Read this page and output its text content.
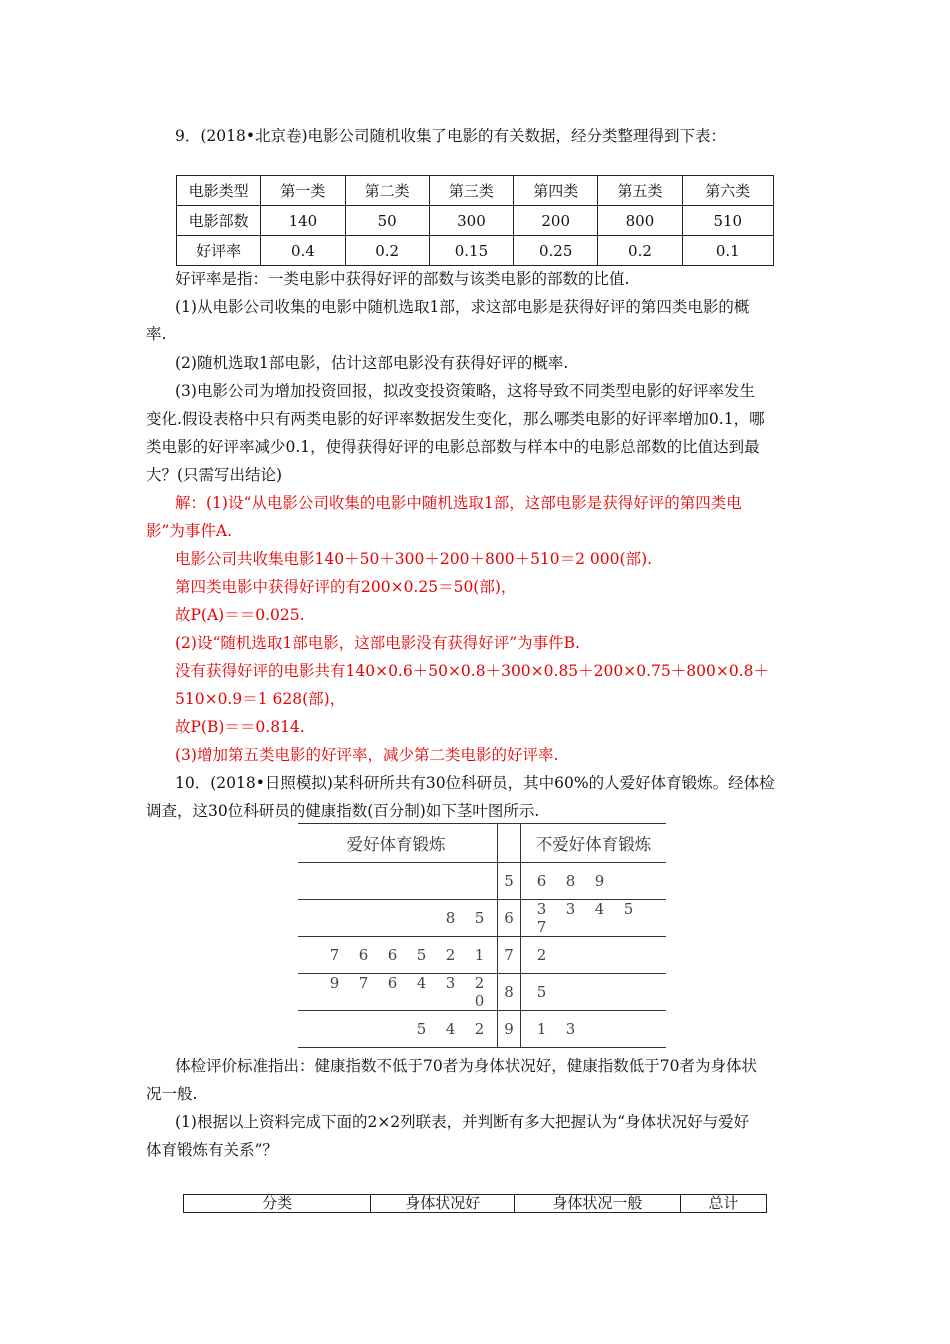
9．(2018•北京卷)电影公司随机收集了电影的有关数据，经分类整理得到下表：
电影类型	第一类	第二类	第三类	第四类	第五类	第六类
电影部数	140	50	300	200	800	510
好评率	0.4	0.2	0.15	0.25	0.2	0.1
好评率是指：一类电影中获得好评的部数与该类电影的部数的比值.
(1)从电影公司收集的电影中随机选取1部，求这部电影是获得好评的第四类电影的概
率.
(2)随机选取1部电影，估计这部电影没有获得好评的概率.
(3)电影公司为增加投资回报，拟改变投资策略，这将导致不同类型电影的好评率发生
变化.假设表格中只有两类电影的好评率数据发生变化，那么哪类电影的好评率增加0.1，哪
类电影的好评率减少0.1，使得获得好评的电影总部数与样本中的电影总部数的比值达到最
大？(只需写出结论)
解：(1)设“从电影公司收集的电影中随机选取1部，这部电影是获得好评的第四类电
影”为事件A.
电影公司共收集电影140＋50＋300＋200＋800＋510＝2 000(部).
第四类电影中获得好评的有200×0.25＝50(部)，
故P(A)＝＝0.025.
(2)设“随机选取1部电影，这部电影没有获得好评”为事件B.
没有获得好评的电影共有140×0.6＋50×0.8＋300×0.85＋200×0.75＋800×0.8＋
510×0.9＝1 628(部)，
故P(B)＝＝0.814.
(3)增加第五类电影的好评率，减少第二类电影的好评率.
10．(2018•日照模拟)某科研所共有30位科研员，其中60%的人爱好体育锻炼。经体检
调查，这30位科研员的健康指数(百分制)如下茎叶图所示.
爱好体育锻炼		不爱好体育锻炼
	5	6 8 9
8 5	6	3 3 4 57
7 6 6 5 2 1	7	2
9 7 6 4 3 20	8	5
5 4 2	9	1 3
体检评价标准指出：健康指数不低于70者为身体状况好，健康指数低于70者为身体状
况一般.
(1)根据以上资料完成下面的2×2列联表，并判断有多大把握认为“身体状况好与爱好
体育锻炼有关系”？
分类	身体状况好	身体状况一般	总计
